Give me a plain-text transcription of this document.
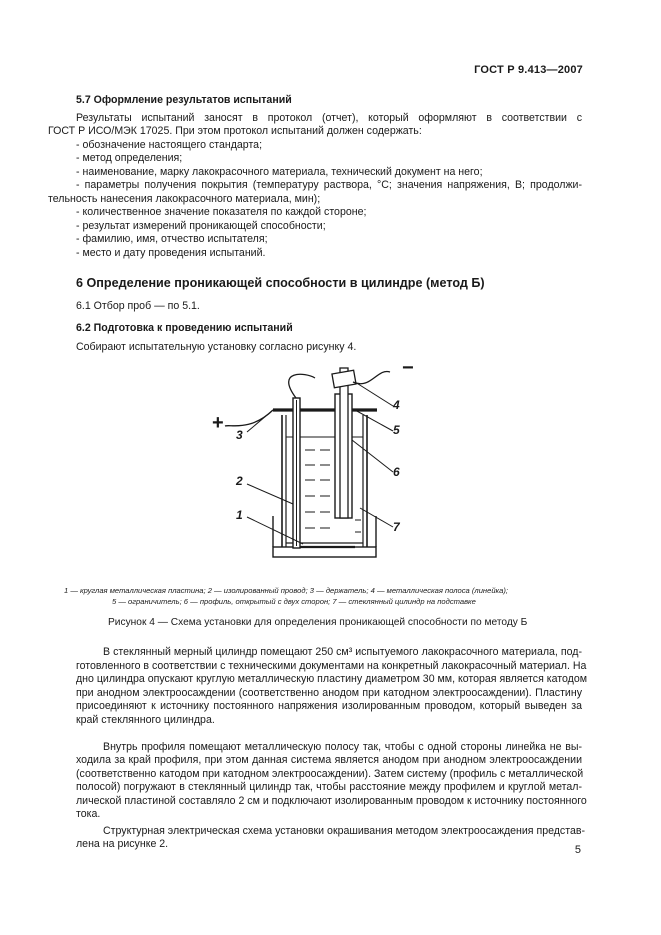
ГОСТ Р 9.413—2007
5.7 Оформление результатов испытаний
Результаты испытаний заносят в протокол (отчет), который оформляют в соответствии с
ГОСТ Р ИСО/МЭК 17025. При этом протокол испытаний должен содержать:
- обозначение настоящего стандарта;
- метод определения;
- наименование, марку лакокрасочного материала, технический документ на него;
- параметры получения покрытия (температуру раствора, °С; значения напряжения, В; продолжи-
тельность нанесения лакокрасочного материала, мин);
- количественное значение показателя по каждой стороне;
- результат измерений проникающей способности;
- фамилию, имя, отчество испытателя;
- место и дату проведения испытаний.
6 Определение проникающей способности в цилиндре (метод Б)
6.1 Отбор проб — по 5.1.
6.2 Подготовка к проведению испытаний
Собирают испытательную установку согласно рисунку 4.
+
−
1
2
3
4
5
6
7
1 — круглая металлическая пластина; 2 — изолированный провод; 3 — держатель; 4 — металлическая полоса (линейка);
5 — ограничитель; 6 — профиль, открытый с двух сторон; 7 — стеклянный цилиндр на подставке
Рисунок 4 — Схема установки для определения проникающей способности по методу Б
В стеклянный мерный цилиндр помещают 250 см³ испытуемого лакокрасочного материала, под-
готовленного в соответствии с техническими документами на конкретный лакокрасочный материал. На
дно цилиндра опускают круглую металлическую пластину диаметром 30 мм, которая является катодом
при анодном электроосаждении (соответственно анодом при катодном электроосаждении). Пластину
присоединяют к источнику постоянного напряжения изолированным проводом, который выведен за
край стеклянного цилиндра.
Внутрь профиля помещают металлическую полосу так, чтобы с одной стороны линейка не вы-
ходила за край профиля, при этом данная система является анодом при анодном электроосаждении
(соответственно катодом при катодном электроосаждении). Затем систему (профиль с металлической
полосой) погружают в стеклянный цилиндр так, чтобы расстояние между профилем и круглой метал-
лической пластиной составляло 2 см и подключают изолированным проводом к источнику постоянного
тока.
Структурная электрическая схема установки окрашивания методом электроосаждения представ-
лена на рисунке 2.	5
